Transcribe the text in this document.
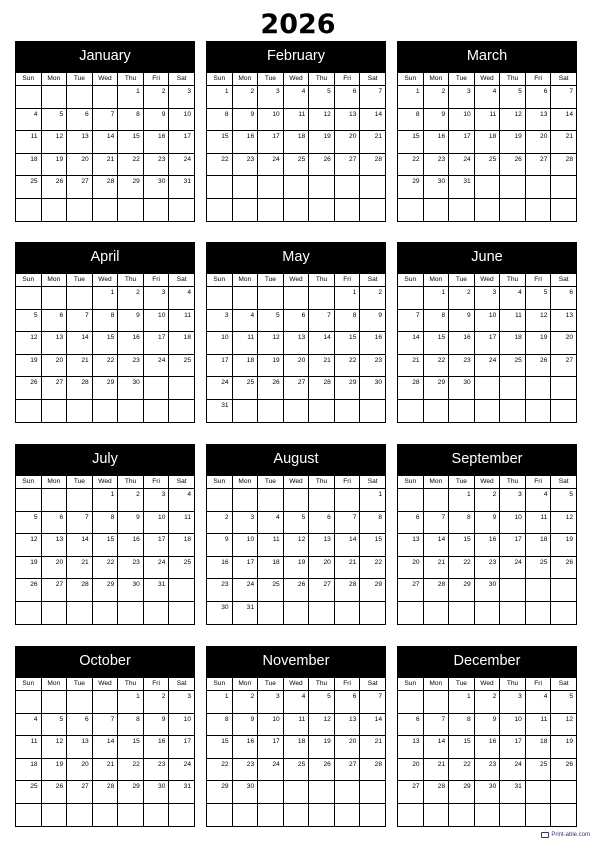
2026
January
Sun	Mon	Tue	Wed	Thu	Fri	Sat
				1	2	3
4	5	6	7	8	9	10
11	12	13	14	15	16	17
18	19	20	21	22	23	24
25	26	27	28	29	30	31

February
Sun	Mon	Tue	Wed	Thu	Fri	Sat
1	2	3	4	5	6	7
8	9	10	11	12	13	14
15	16	17	18	19	20	21
22	23	24	25	26	27	28

March
Sun	Mon	Tue	Wed	Thu	Fri	Sat
1	2	3	4	5	6	7
8	9	10	11	12	13	14
15	16	17	18	19	20	21
22	23	24	25	26	27	28
29	30	31				

April
Sun	Mon	Tue	Wed	Thu	Fri	Sat
			1	2	3	4
5	6	7	8	9	10	11
12	13	14	15	16	17	18
19	20	21	22	23	24	25
26	27	28	29	30		

May
Sun	Mon	Tue	Wed	Thu	Fri	Sat
					1	2
3	4	5	6	7	8	9
10	11	12	13	14	15	16
17	18	19	20	21	22	23
24	25	26	27	28	29	30
31						
June
Sun	Mon	Tue	Wed	Thu	Fri	Sat
	1	2	3	4	5	6
7	8	9	10	11	12	13
14	15	16	17	18	19	20
21	22	23	24	25	26	27
28	29	30				

July
Sun	Mon	Tue	Wed	Thu	Fri	Sat
			1	2	3	4
5	6	7	8	9	10	11
12	13	14	15	16	17	18
19	20	21	22	23	24	25
26	27	28	29	30	31	

August
Sun	Mon	Tue	Wed	Thu	Fri	Sat
						1
2	3	4	5	6	7	8
9	10	11	12	13	14	15
16	17	18	19	20	21	22
23	24	25	26	27	28	29
30	31					
September
Sun	Mon	Tue	Wed	Thu	Fri	Sat
		1	2	3	4	5
6	7	8	9	10	11	12
13	14	15	16	17	18	19
20	21	22	23	24	25	26
27	28	29	30			

October
Sun	Mon	Tue	Wed	Thu	Fri	Sat
				1	2	3
4	5	6	7	8	9	10
11	12	13	14	15	16	17
18	19	20	21	22	23	24
25	26	27	28	29	30	31

November
Sun	Mon	Tue	Wed	Thu	Fri	Sat
1	2	3	4	5	6	7
8	9	10	11	12	13	14
15	16	17	18	19	20	21
22	23	24	25	26	27	28
29	30					

December
Sun	Mon	Tue	Wed	Thu	Fri	Sat
		1	2	3	4	5
6	7	8	9	10	11	12
13	14	15	16	17	18	19
20	21	22	23	24	25	26
27	28	29	30	31		

Print-able.com
